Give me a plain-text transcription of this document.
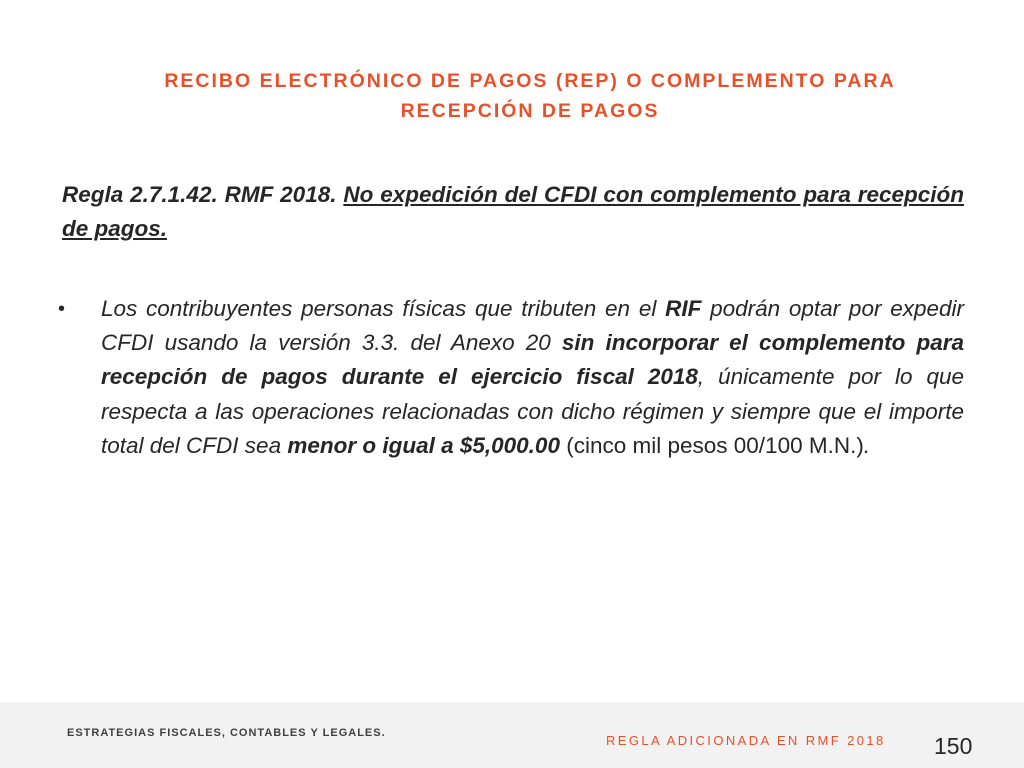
RECIBO ELECTRÓNICO DE PAGOS (REP) O COMPLEMENTO PARA
RECEPCIÓN DE PAGOS
Regla 2.7.1.42. RMF 2018. No expedición del CFDI con complemento para recepción de pagos.
• Los contribuyentes personas físicas que tributen en el RIF podrán optar por expedir CFDI usando la versión 3.3. del Anexo 20 sin incorporar el complemento para recepción de pagos durante el ejercicio fiscal 2018, únicamente por lo que respecta a las operaciones relacionadas con dicho régimen y siempre que el importe total del CFDI sea menor o igual a $5,000.00 (cinco mil pesos 00/100 M.N.).
ESTRATEGIAS FISCALES, CONTABLES Y LEGALES.	REGLA ADICIONADA EN RMF 2018 150
